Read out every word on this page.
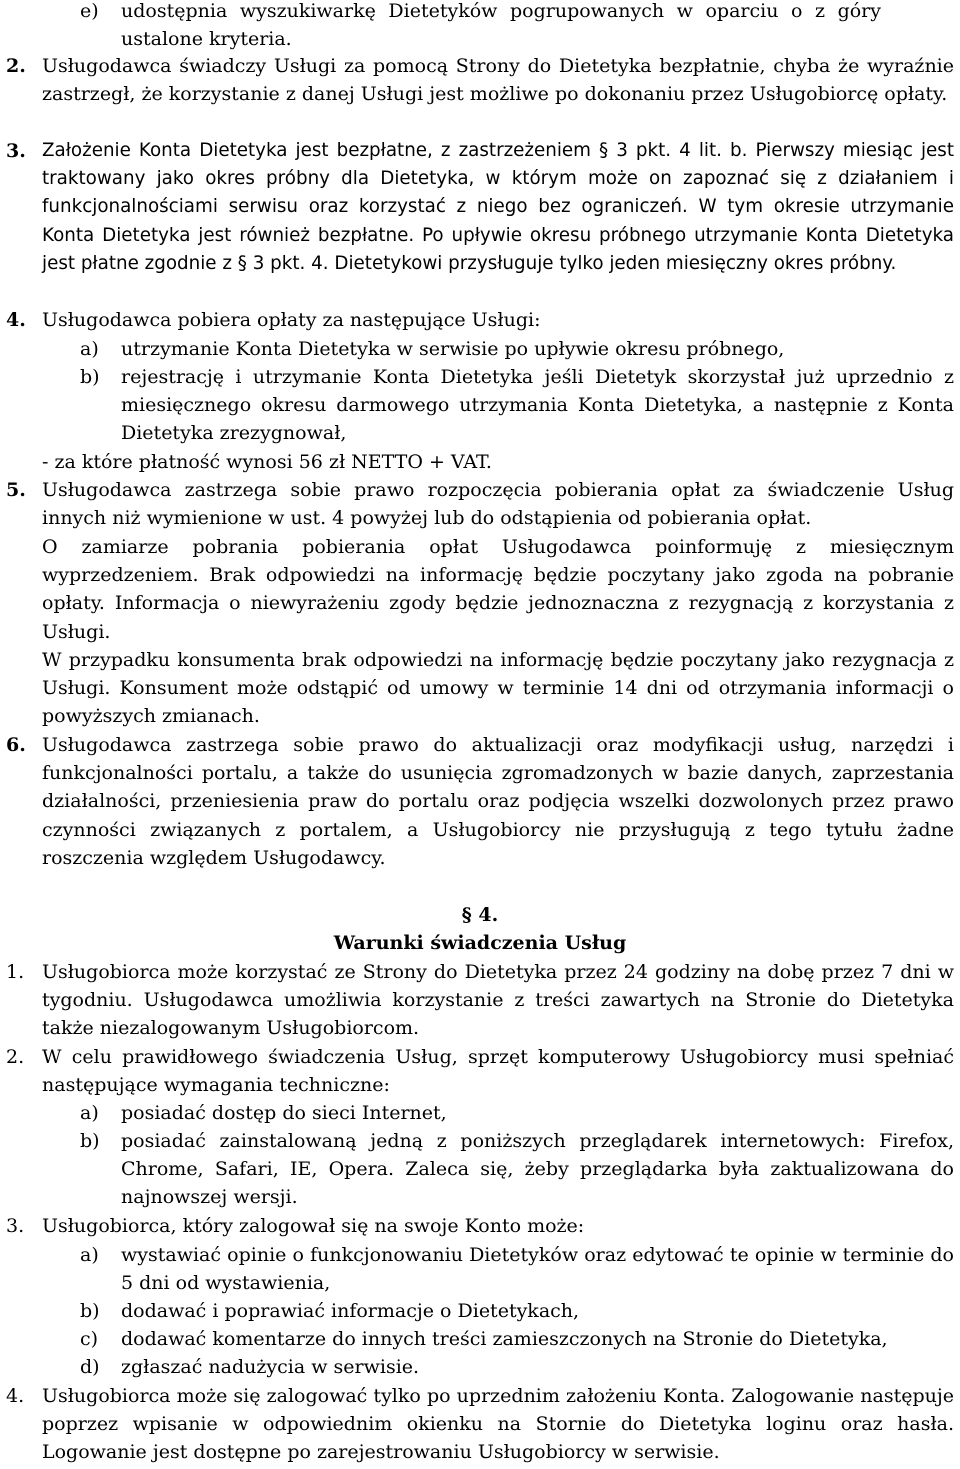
e)	udostępnia wyszukiwarkę Dietetyków pogrupowanych w oparciu o z góry ustalone kryteria.

2. Usługodawca świadczy Usługi za pomocą Strony do Dietetyka bezpłatnie, chyba że wyraźnie zastrzegł, że korzystanie z danej Usługi jest możliwe po dokonaniu przez Usługobiorcę opłaty.

3. Założenie Konta Dietetyka jest bezpłatne, z zastrzeżeniem § 3 pkt. 4 lit. b. Pierwszy miesiąc jest traktowany jako okres próbny dla Dietetyka, w którym może on zapoznać się z działaniem i funkcjonalnościami serwisu oraz korzystać z niego bez ograniczeń. W tym okresie utrzymanie Konta Dietetyka jest również bezpłatne. Po upływie okresu próbnego utrzymanie Konta Dietetyka jest płatne zgodnie z § 3 pkt. 4. Dietetykowi przysługuje tylko jeden miesięczny okres próbny.

4. Usługodawca pobiera opłaty za następujące Usługi:

a)	utrzymanie Konta Dietetyka w serwisie po upływie okresu próbnego,

b)	rejestrację i utrzymanie Konta Dietetyka jeśli Dietetyk skorzystał już uprzednio z miesięcznego okresu darmowego utrzymania Konta Dietetyka, a następnie z Konta Dietetyka zrezygnował,

- za które płatność wynosi 56 zł NETTO + VAT.

5. Usługodawca zastrzega sobie prawo rozpoczęcia pobierania opłat za świadczenie Usług innych niż wymienione w ust. 4 powyżej lub do odstąpienia od pobierania opłat.

O zamiarze pobrania pobierania opłat Usługodawca poinformuję z miesięcznym wyprzedzeniem. Brak odpowiedzi na informację będzie poczytany jako zgoda na pobranie opłaty. Informacja o niewyrażeniu zgody będzie jednoznaczna z rezygnacją z korzystania z Usługi.

W przypadku konsumenta brak odpowiedzi na informację będzie poczytany jako rezygnacja z Usługi. Konsument może odstąpić od umowy w terminie 14 dni od otrzymania informacji o powyższych zmianach.

6. Usługodawca zastrzega sobie prawo do aktualizacji oraz modyfikacji usług, narzędzi i funkcjonalności portalu, a także do usunięcia zgromadzonych w bazie danych, zaprzestania działalności, przeniesienia praw do portalu oraz podjęcia wszelki dozwolonych przez prawo czynności związanych z portalem, a Usługobiorcy nie przysługują z tego tytułu żadne roszczenia względem Usługodawcy.

§ 4.
Warunki świadczenia Usług
1. Usługobiorca może korzystać ze Strony do Dietetyka przez 24 godziny na dobę przez 7 dni w tygodniu. Usługodawca umożliwia korzystanie z treści zawartych na Stronie do Dietetyka także niezalogowanym Usługobiorcom.

2. W celu prawidłowego świadczenia Usług, sprzęt komputerowy Usługobiorcy musi spełniać następujące wymagania techniczne:

a)	posiadać dostęp do sieci Internet,

b)	posiadać zainstalowaną jedną z poniższych przeglądarek internetowych: Firefox, Chrome, Safari, IE, Opera. Zaleca się, żeby przeglądarka była zaktualizowana do najnowszej wersji.

3. Usługobiorca, który zalogował się na swoje Konto może:

a)	wystawiać opinie o funkcjonowaniu Dietetyków oraz edytować te opinie w terminie do 5 dni od wystawienia,

b)	dodawać i poprawiać informacje o Dietetykach,

c)	dodawać komentarze do innych treści zamieszczonych na Stronie do Dietetyka,

d)	zgłaszać nadużycia w serwisie.

4. Usługobiorca może się zalogować tylko po uprzednim założeniu Konta. Zalogowanie następuje poprzez wpisanie w odpowiednim okienku na Stornie do Dietetyka loginu oraz hasła. Logowanie jest dostępne po zarejestrowaniu Usługobiorcy w serwisie.
